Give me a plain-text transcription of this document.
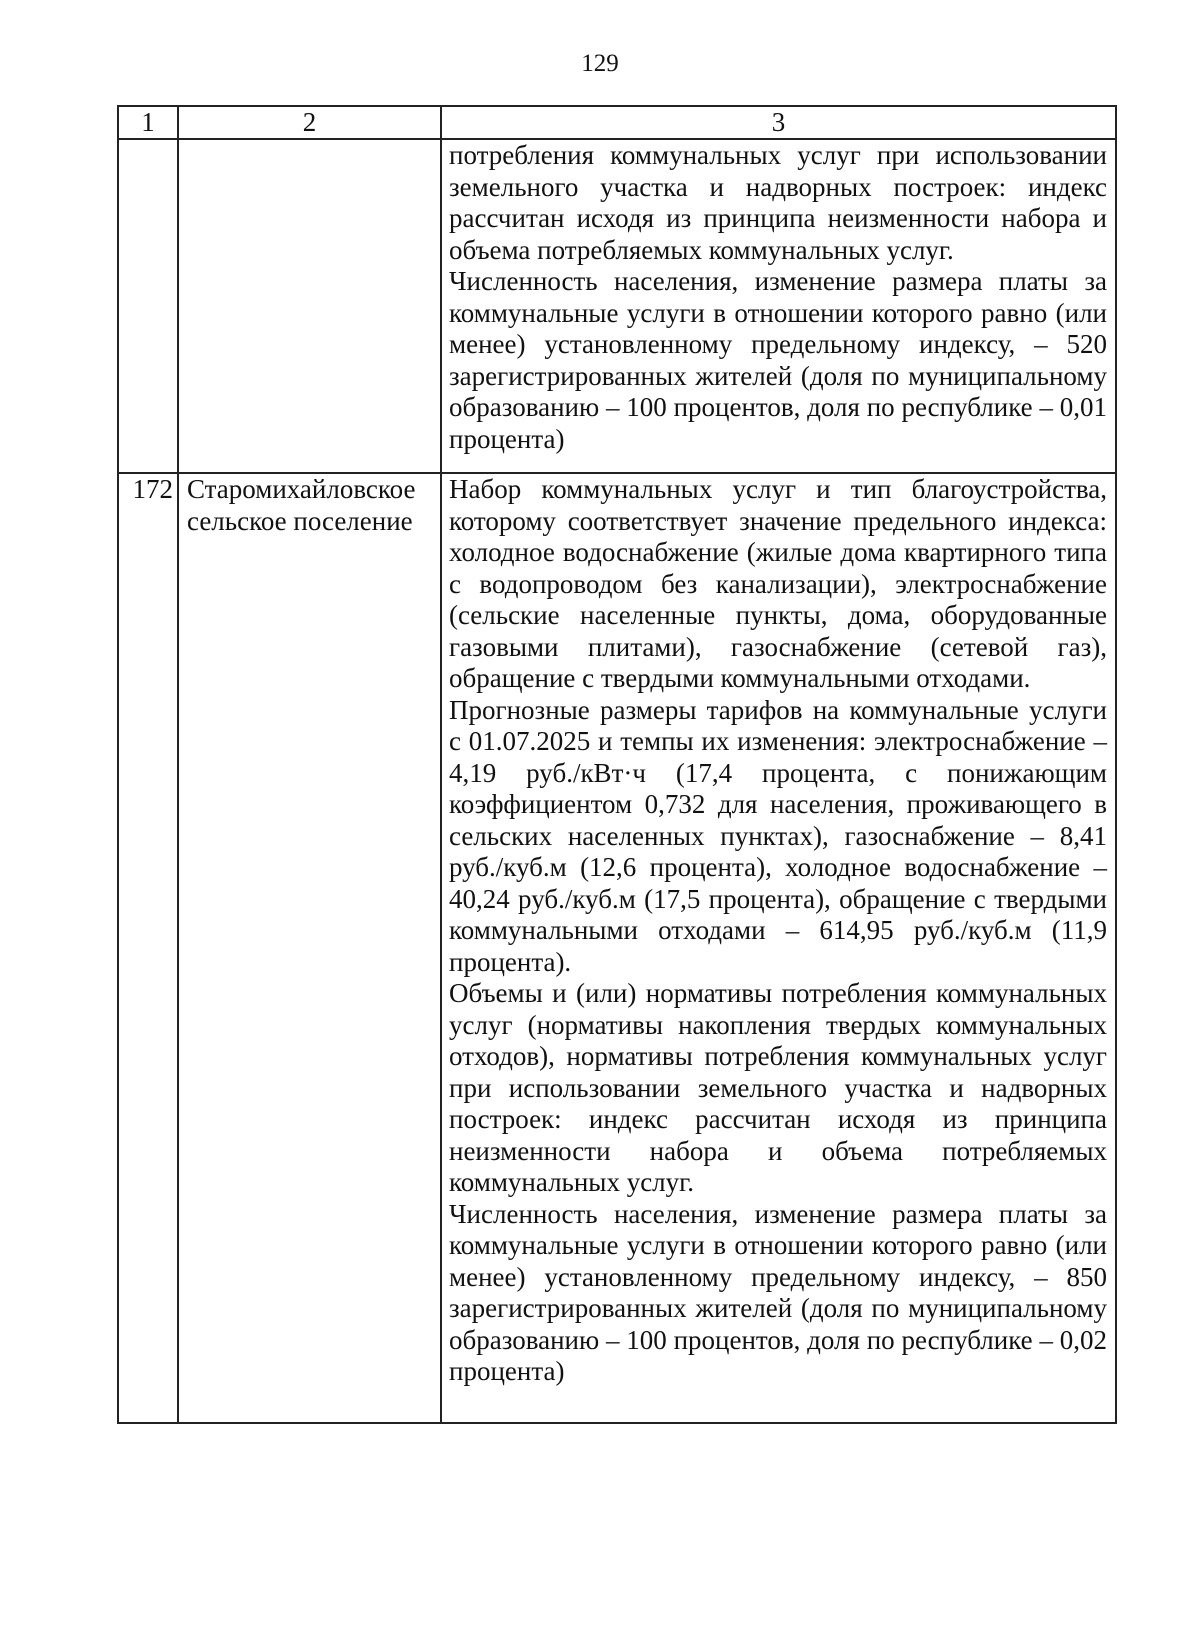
129
1	2	3

		потребления коммунальных услуг при использовании земельного участка и надворных построек: индекс рассчитан исходя из принципа неизменности набора и объема потребляемых коммунальных услуг.
Численность населения, изменение размера платы за коммунальные услуги в отношении которого равно (или менее) установленному предельному индексу, – 520 зарегистрированных жителей (доля по муниципальному образованию – 100 процентов, доля по республике – 0,01 процента)

172	Старомихайловское сельское поселение	Набор коммунальных услуг и тип благоустройства, которому соответствует значение предельного индекса: холодное водоснабжение (жилые дома квартирного типа с водопроводом без канализации), электроснабжение (сельские населенные пункты, дома, оборудованные газовыми плитами), газоснабжение (сетевой газ), обращение с твердыми коммунальными отходами.
Прогнозные размеры тарифов на коммунальные услуги с 01.07.2025 и темпы их изменения: электроснабжение – 4,19 руб./кВт·ч (17,4 процента, с понижающим коэффициентом 0,732 для населения, проживающего в сельских населенных пунктах), газоснабжение – 8,41 руб./куб.м (12,6 процента), холодное водоснабжение – 40,24 руб./куб.м (17,5 процента), обращение с твердыми коммунальными отходами – 614,95 руб./куб.м (11,9 процента).
Объемы и (или) нормативы потребления коммунальных услуг (нормативы накопления твердых коммунальных отходов), нормативы потребления коммунальных услуг при использовании земельного участка и надворных построек: индекс рассчитан исходя из принципа неизменности набора и объема потребляемых коммунальных услуг.
Численность населения, изменение размера платы за коммунальные услуги в отношении которого равно (или менее) установленному предельному индексу, – 850 зарегистрированных жителей (доля по муниципальному образованию – 100 процентов, доля по республике – 0,02 процента)
